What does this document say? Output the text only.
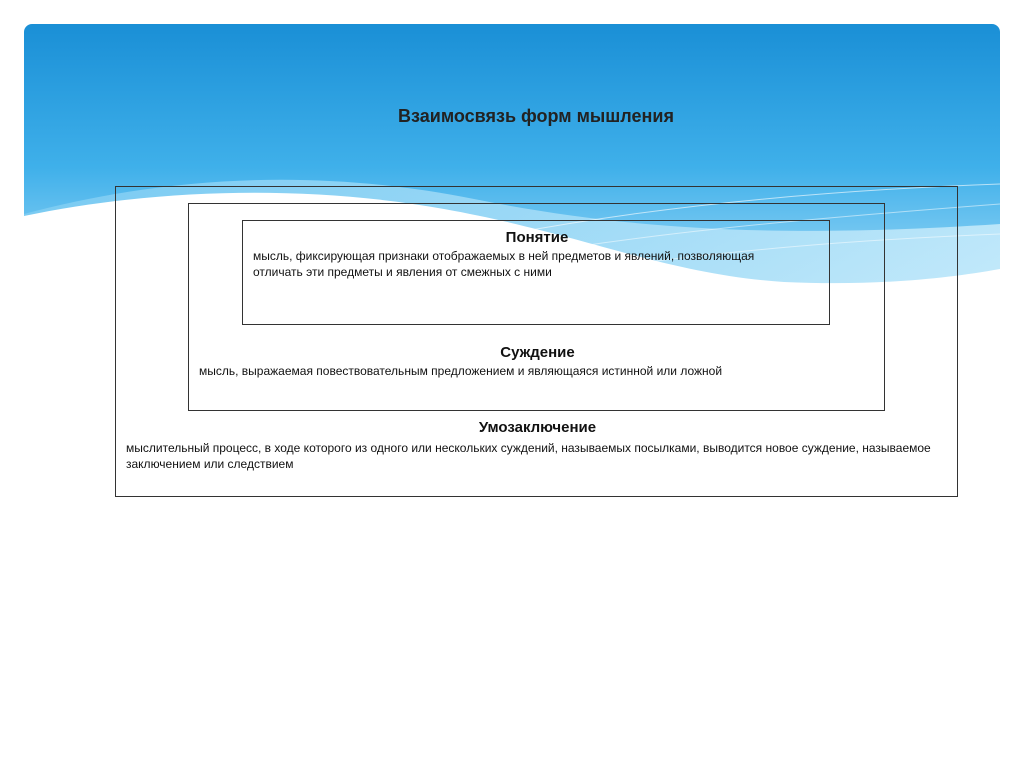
Взаимосвязь форм мышления
Умозаключение

мыслительный процесс, в ходе которого из одного или нескольких суждений, называемых посылками, выводится новое суждение, называемое заключением или следствием

Суждение

мысль, выражаемая повествовательным предложением и являющаяся истинной или ложной

Понятие

мысль, фиксирующая признаки отображаемых в ней предметов и явлений, позволяющая отличать эти предметы и явления от смежных с ними
